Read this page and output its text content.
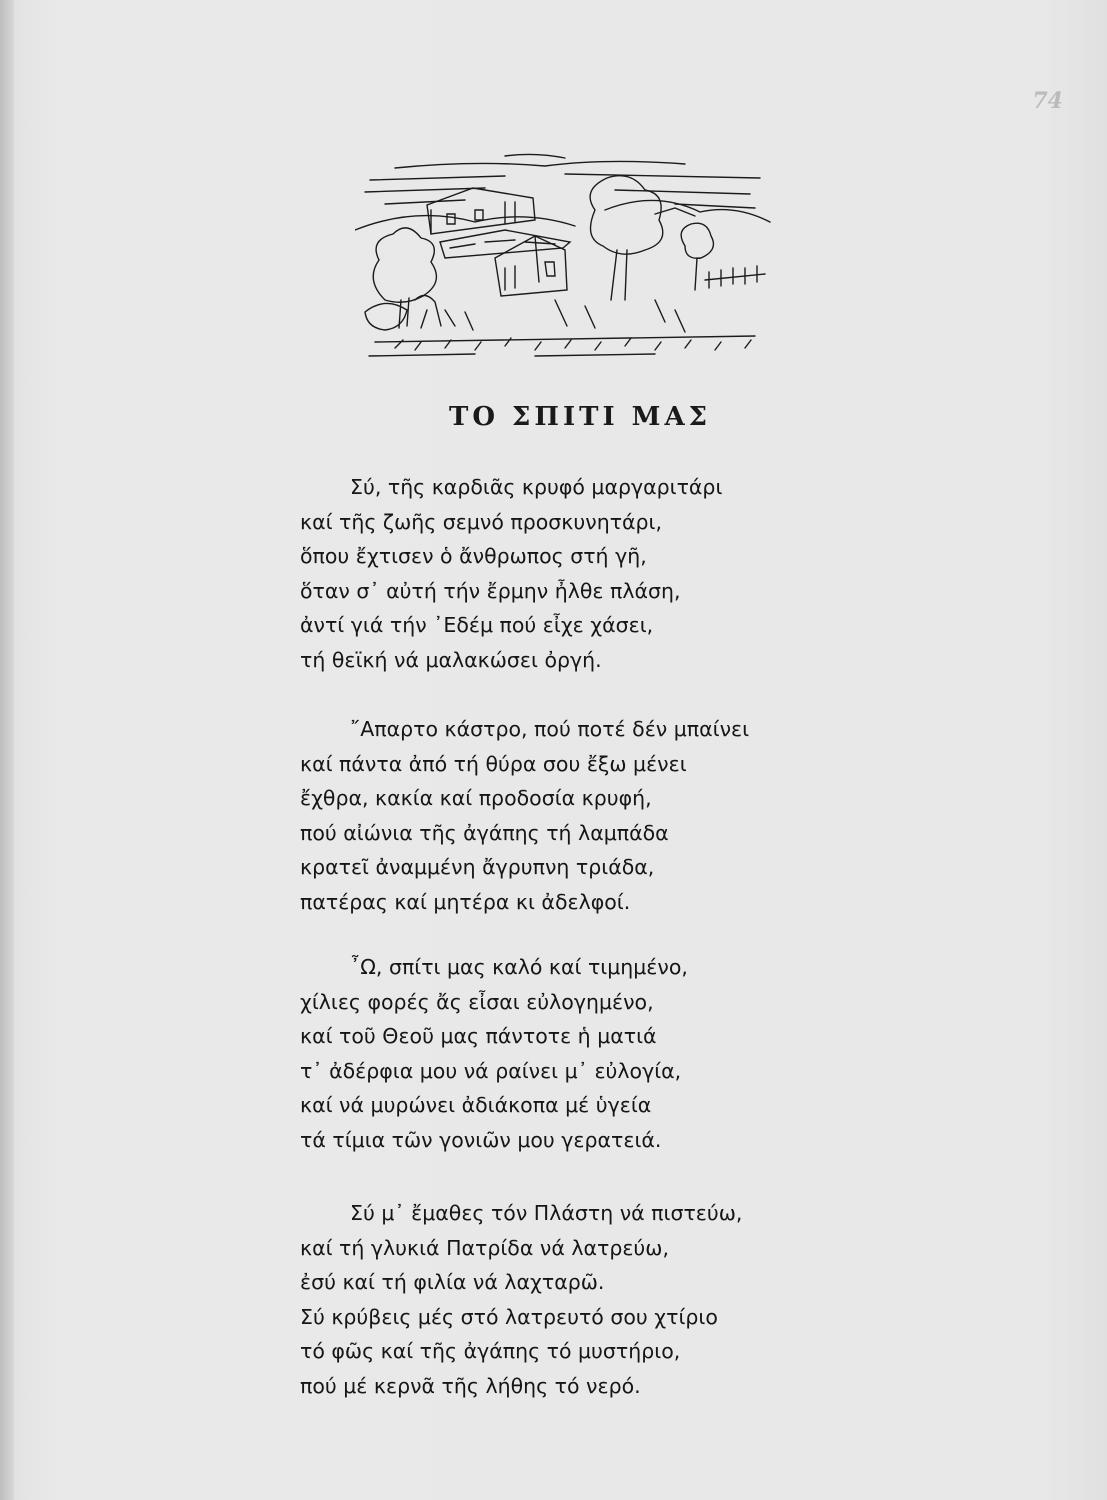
74
ΤΟ ΣΠΙΤΙ ΜΑΣ
Σύ, τῆς καρδιᾶς κρυφό μαργαριτάρι
καί τῆς ζωῆς σεμνό προσκυνητάρι,
ὅπου ἔχτισεν ὁ ἄνθρωπος στή γῆ,
ὅταν σ᾽ αὐτή τήν ἔρμην ἦλθε πλάση,
ἀντί γιά τήν ᾽Εδέμ πού εἶχε χάσει,
τή θεϊκή νά μαλακώσει ὀργή.
῎Απαρτο κάστρο, πού ποτέ δέν μπαίνει
καί πάντα ἀπό τή θύρα σου ἔξω μένει
ἔχθρα, κακία καί προδοσία κρυφή,
πού αἰώνια τῆς ἀγάπης τή λαμπάδα
κρατεῖ ἀναμμένη ἄγρυπνη τριάδα,
πατέρας καί μητέρα κι ἀδελφοί.
῏Ω, σπίτι μας καλό καί τιμημένο,
χίλιες φορές ἄς εἶσαι εὐλογημένο,
καί τοῦ Θεοῦ μας πάντοτε ἡ ματιά
τ᾽ ἀδέρφια μου νά ραίνει μ᾽ εὐλογία,
καί νά μυρώνει ἀδιάκοπα μέ ὑγεία
τά τίμια τῶν γονιῶν μου γερατειά.
Σύ μ᾽ ἔμαθες τόν Πλάστη νά πιστεύω,
καί τή γλυκιά Πατρίδα νά λατρεύω,
ἐσύ καί τή φιλία νά λαχταρῶ.
Σύ κρύβεις μές στό λατρευτό σου χτίριο
τό φῶς καί τῆς ἀγάπης τό μυστήριο,
πού μέ κερνᾶ τῆς λήθης τό νερό.
